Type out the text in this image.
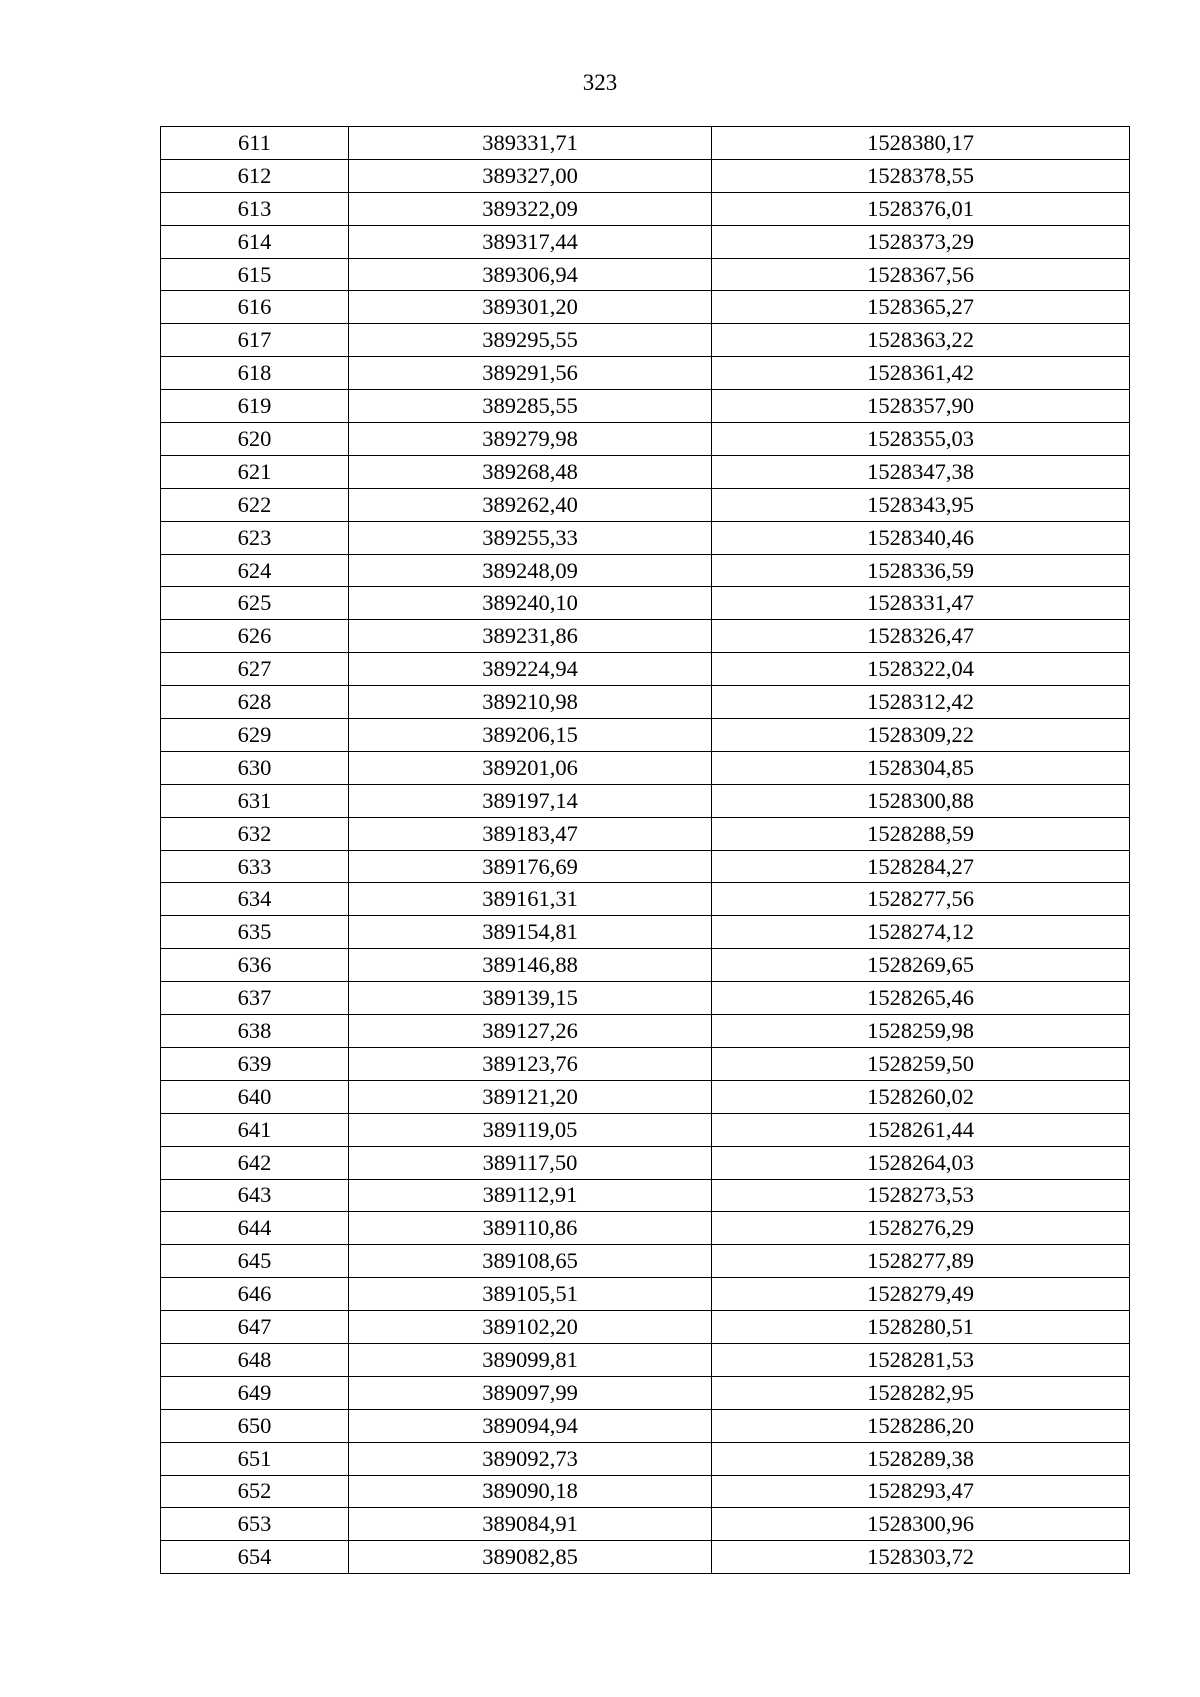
323
611	389331,71	1528380,17
612	389327,00	1528378,55
613	389322,09	1528376,01
614	389317,44	1528373,29
615	389306,94	1528367,56
616	389301,20	1528365,27
617	389295,55	1528363,22
618	389291,56	1528361,42
619	389285,55	1528357,90
620	389279,98	1528355,03
621	389268,48	1528347,38
622	389262,40	1528343,95
623	389255,33	1528340,46
624	389248,09	1528336,59
625	389240,10	1528331,47
626	389231,86	1528326,47
627	389224,94	1528322,04
628	389210,98	1528312,42
629	389206,15	1528309,22
630	389201,06	1528304,85
631	389197,14	1528300,88
632	389183,47	1528288,59
633	389176,69	1528284,27
634	389161,31	1528277,56
635	389154,81	1528274,12
636	389146,88	1528269,65
637	389139,15	1528265,46
638	389127,26	1528259,98
639	389123,76	1528259,50
640	389121,20	1528260,02
641	389119,05	1528261,44
642	389117,50	1528264,03
643	389112,91	1528273,53
644	389110,86	1528276,29
645	389108,65	1528277,89
646	389105,51	1528279,49
647	389102,20	1528280,51
648	389099,81	1528281,53
649	389097,99	1528282,95
650	389094,94	1528286,20
651	389092,73	1528289,38
652	389090,18	1528293,47
653	389084,91	1528300,96
654	389082,85	1528303,72
